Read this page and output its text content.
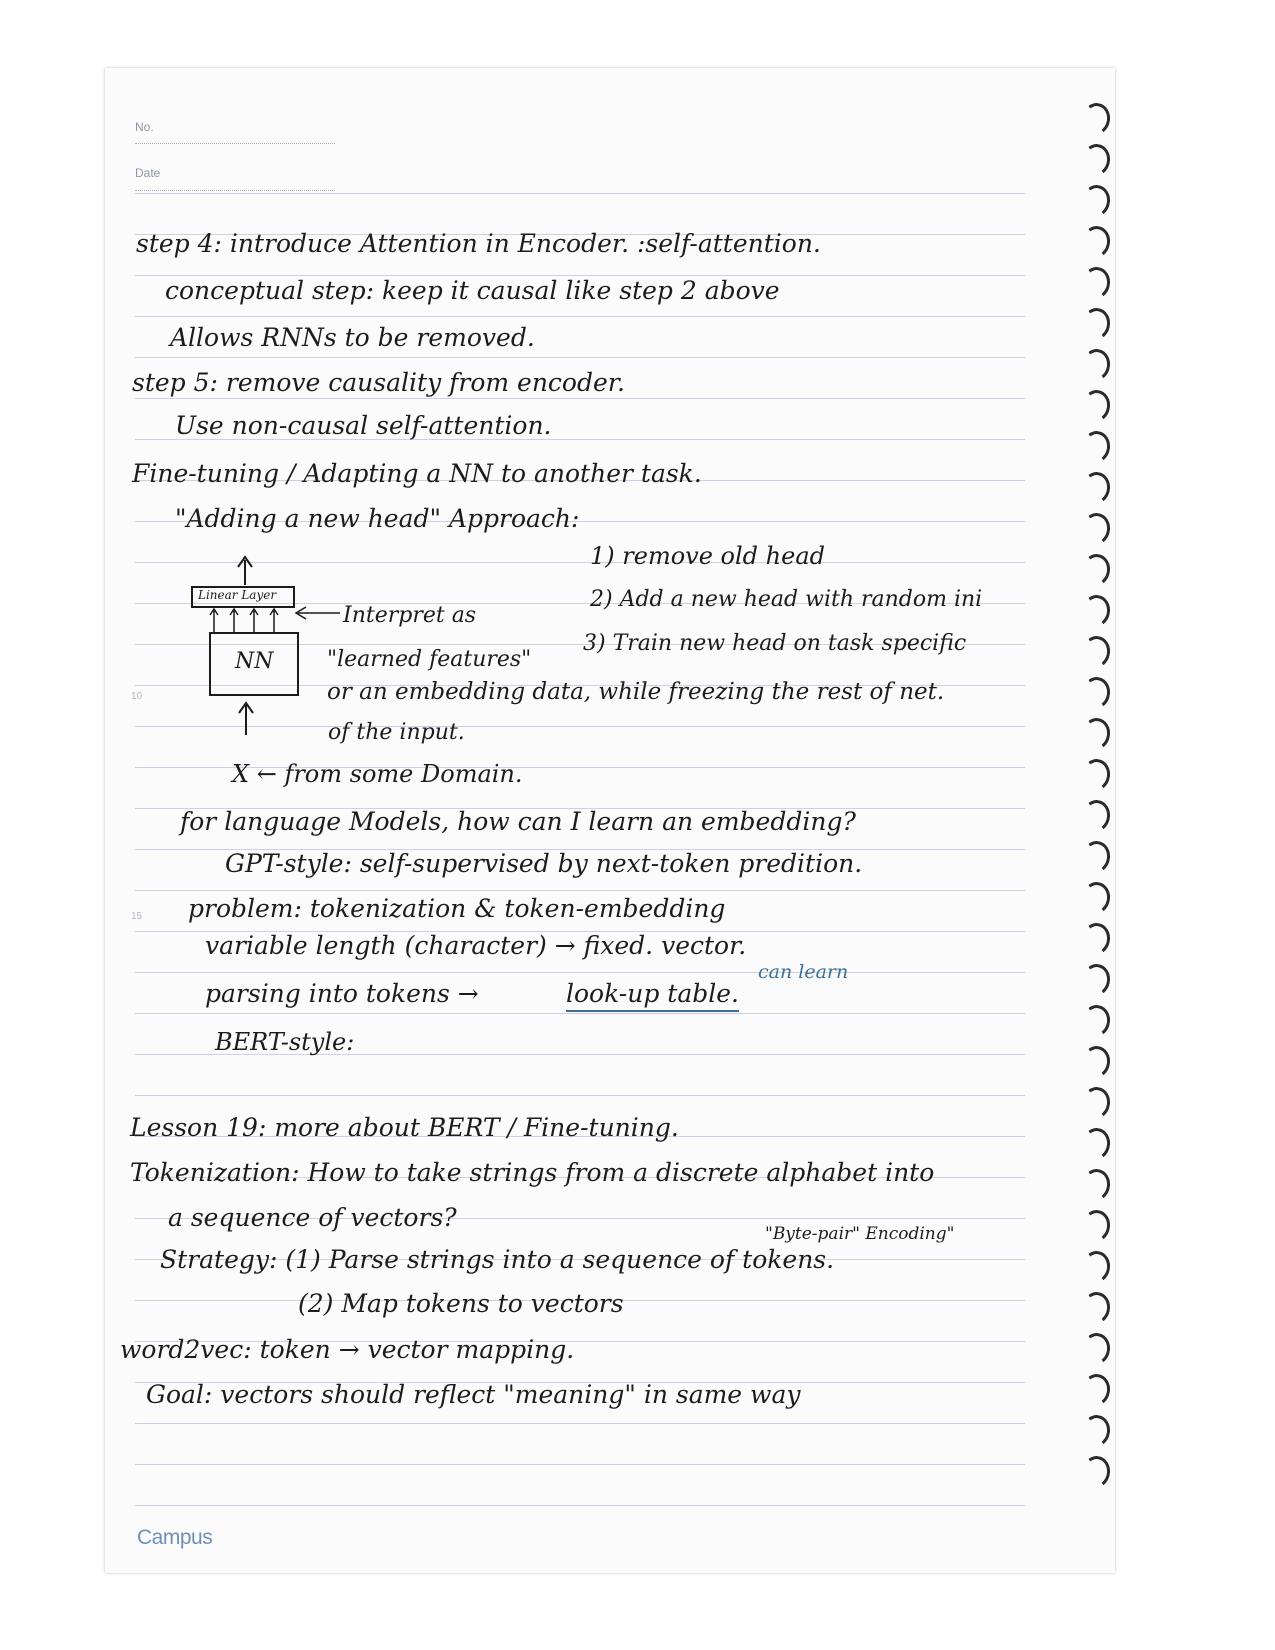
No.
Date
10
15
Campus
step 4: introduce Attention in Encoder. :self-attention.
conceptual step: keep it causal like step 2 above
Allows RNNs to be removed.
step 5: remove causality from encoder.
Use non-causal self-attention.
Fine-tuning / Adapting a NN to another task.
"Adding a new head" Approach:
1) remove old head
2) Add a new head with random ini
Interpret as
3) Train new head on task specific
"learned features"
or an embedding data, while freezing the rest of net.
of the input.
X ← from some Domain.
for language Models, how can I learn an embedding?
GPT-style: self-supervised by next-token predition.
problem: tokenization & token-embedding
variable length (character) → fixed. vector.
parsing into tokens →	look-up table.
can learn
BERT-style:
Lesson 19: more about BERT / Fine-tuning.
Tokenization: How to take strings from a discrete alphabet into
a sequence of vectors?
"Byte-pair" Encoding"
Strategy: (1) Parse strings into a sequence of tokens.
(2) Map tokens to vectors
word2vec: token → vector mapping.
Goal: vectors should reflect "meaning" in same way
Linear Layer
NN
